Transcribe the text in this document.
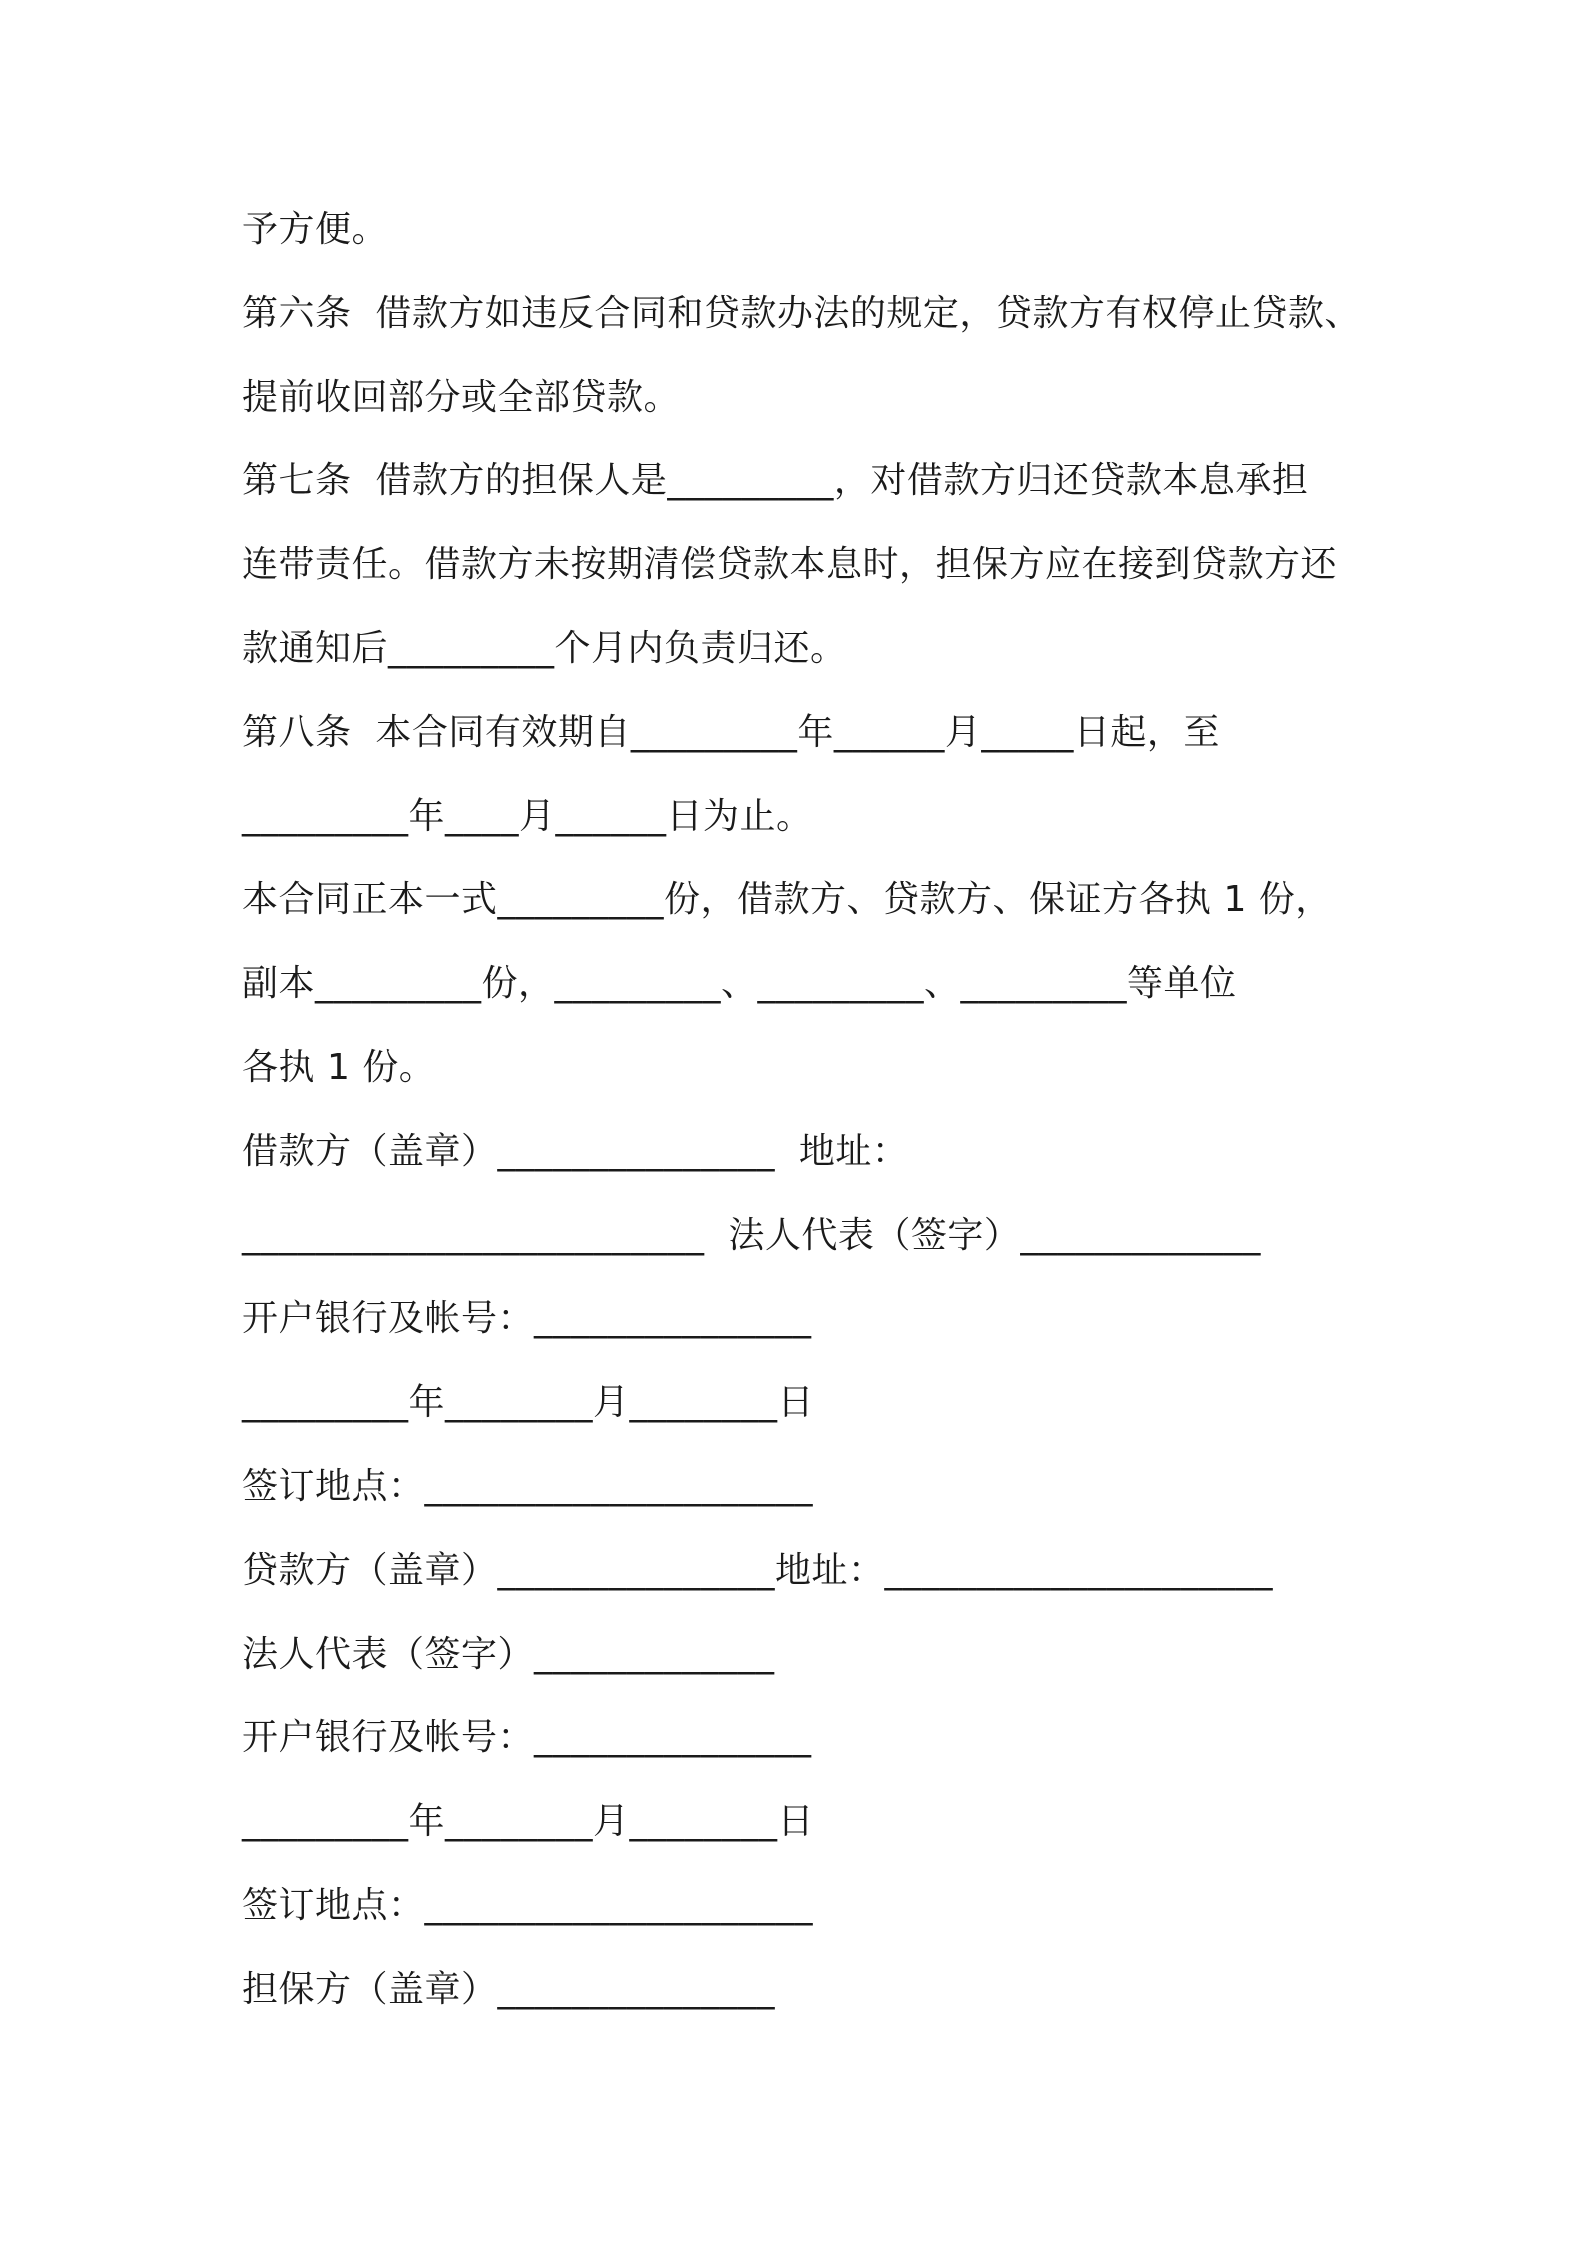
予方便。
第六条  借款方如违反合同和贷款办法的规定，贷款方有权停止贷款、
提前收回部分或全部贷款。
第七条  借款方的担保人是_________，对借款方归还贷款本息承担
连带责任。借款方未按期清偿贷款本息时，担保方应在接到贷款方还
款通知后_________个月内负责归还。
第八条  本合同有效期自_________年______月_____日起，至
_________年____月______日为止。
本合同正本一式_________份，借款方、贷款方、保证方各执 1 份，
副本_________份，_________、_________、_________等单位
各执 1 份。
借款方（盖章）_______________  地址：
_________________________  法人代表（签字）_____________
开户银行及帐号：_______________
_________年________月________日
签订地点：_____________________
贷款方（盖章）_______________地址：_____________________
法人代表（签字）_____________
开户银行及帐号：_______________
_________年________月________日
签订地点：_____________________
担保方（盖章）_______________
